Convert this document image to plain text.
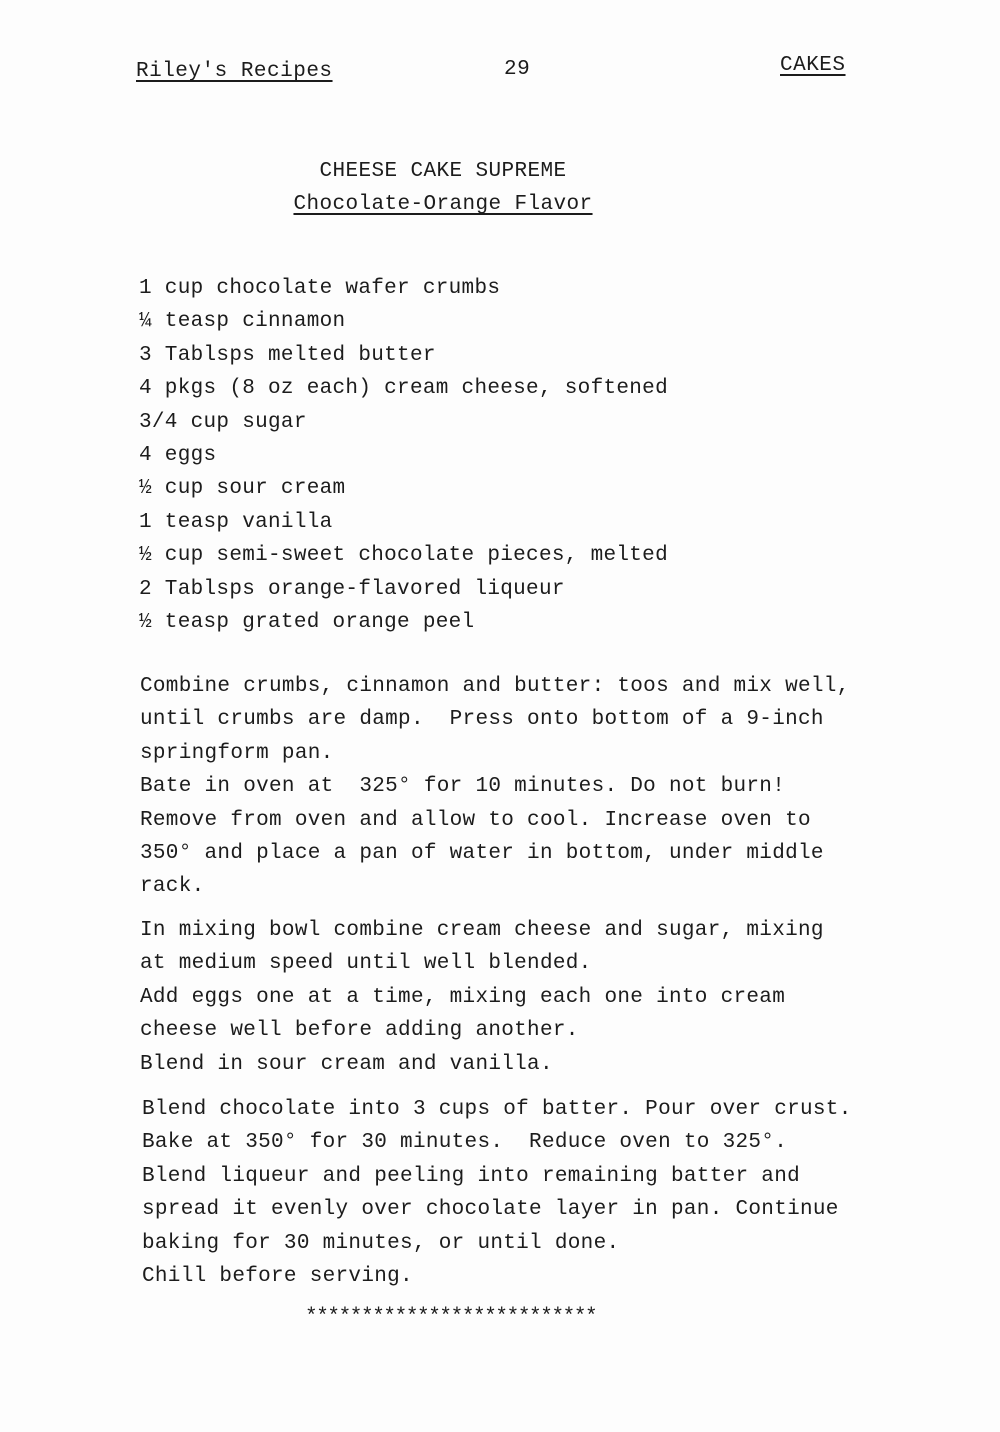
Riley's Recipes	29	CAKES
CHEESE CAKE SUPREME
Chocolate-Orange Flavor
1 cup chocolate wafer crumbs
¼ teasp cinnamon
3 Tablsps melted butter
4 pkgs (8 oz each) cream cheese, softened
3/4 cup sugar
4 eggs
½ cup sour cream
1 teasp vanilla
½ cup semi-sweet chocolate pieces, melted
2 Tablsps orange-flavored liqueur
½ teasp grated orange peel
Combine crumbs, cinnamon and butter: toos and mix well,
until crumbs are damp.  Press onto bottom of a 9-inch
springform pan.
Bate in oven at  325° for 10 minutes. Do not burn!
Remove from oven and allow to cool. Increase oven to
350° and place a pan of water in bottom, under middle
rack.
In mixing bowl combine cream cheese and sugar, mixing
at medium speed until well blended.
Add eggs one at a time, mixing each one into cream
cheese well before adding another.
Blend in sour cream and vanilla.
Blend chocolate into 3 cups of batter. Pour over crust.
Bake at 350° for 30 minutes.  Reduce oven to 325°.
Blend liqueur and peeling into remaining batter and
spread it evenly over chocolate layer in pan. Continue
baking for 30 minutes, or until done.
Chill before serving.
**************************
